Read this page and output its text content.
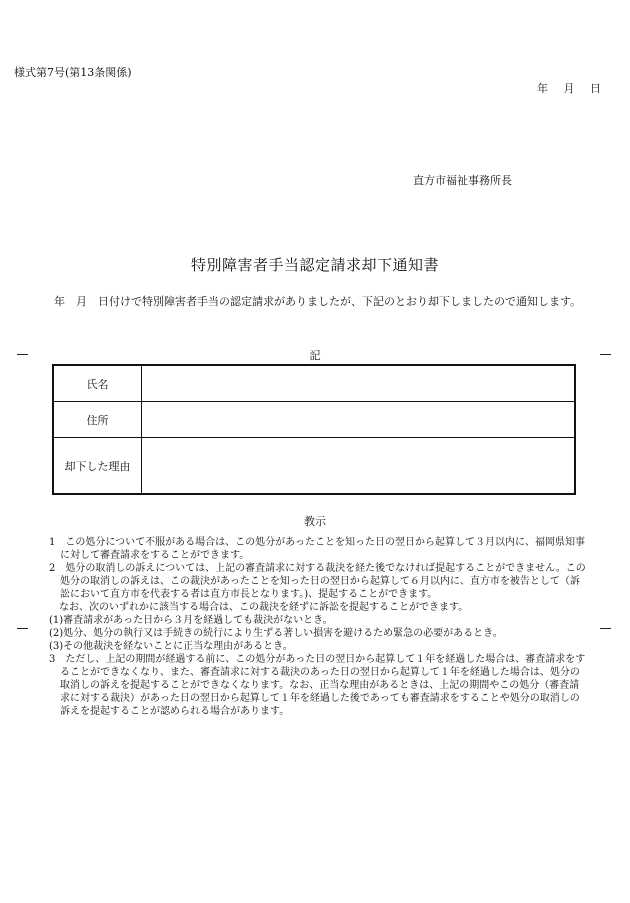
様式第7号(第13条関係)
年 月 日
直方市福祉事務所長
特別障害者手当認定請求却下通知書
年　月　日付けで特別障害者手当の認定請求がありましたが、下記のとおり却下しましたので通知します。
記
氏名
住所
却下した理由
教示

1　この処分について不服がある場合は、この処分があったことを知った日の翌日から起算して３月以内に、福岡県知事に対して審査請求をすることができます。

2　処分の取消しの訴えについては、上記の審査請求に対する裁決を経た後でなければ提起することができません。この処分の取消しの訴えは、この裁決があったことを知った日の翌日から起算して６月以内に、直方市を被告として（訴訟において直方市を代表する者は直方市長となります。)、提起することができます。

なお、次のいずれかに該当する場合は、この裁決を経ずに訴訟を提起することができます。

(1)審査請求があった日から３月を経過しても裁決がないとき。

(2)処分、処分の執行又は手続きの続行により生ずる著しい損害を避けるため緊急の必要があるとき。

(3)その他裁決を経ないことに正当な理由があるとき。

3　ただし、上記の期間が経過する前に、この処分があった日の翌日から起算して１年を経過した場合は、審査請求をすることができなくなり、また、審査請求に対する裁決のあった日の翌日から起算して１年を経過した場合は、処分の取消しの訴えを提起することができなくなります。なお、正当な理由があるときは、上記の期間やこの処分（審査請求に対する裁決）があった日の翌日から起算して１年を経過した後であっても審査請求をすることや処分の取消しの訴えを提起することが認められる場合があります。
